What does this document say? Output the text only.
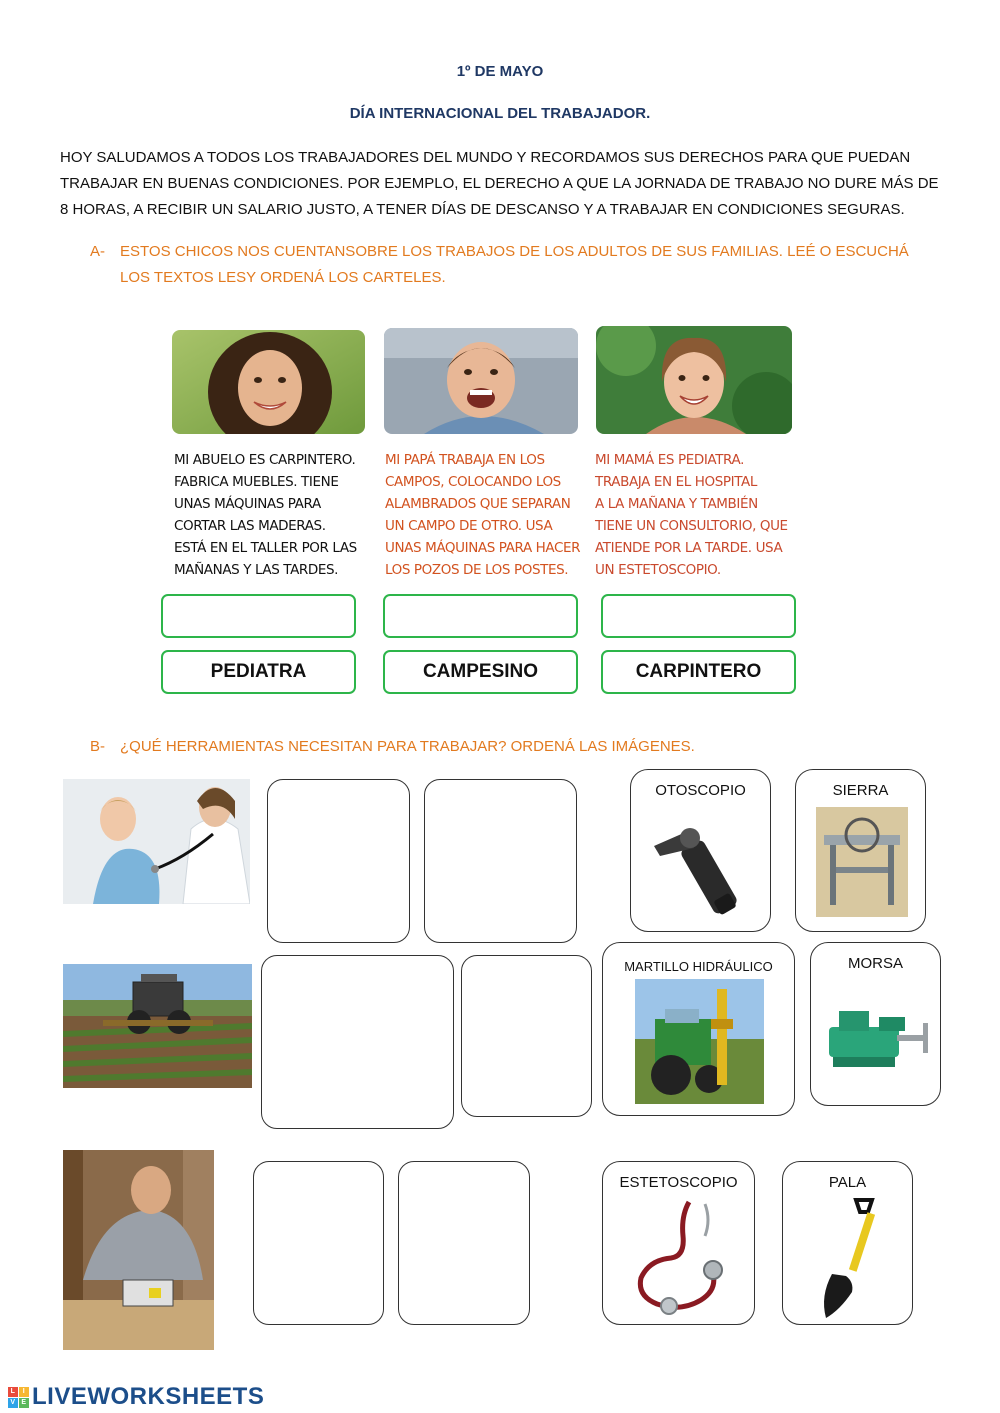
1º DE MAYO
DÍA INTERNACIONAL DEL TRABAJADOR.
HOY SALUDAMOS A TODOS LOS TRABAJADORES DEL MUNDO Y RECORDAMOS SUS DERECHOS PARA QUE PUEDAN TRABAJAR EN BUENAS CONDICIONES. POR EJEMPLO, EL DERECHO A QUE LA JORNADA DE TRABAJO NO DURE MÁS DE 8 HORAS, A RECIBIR UN SALARIO JUSTO, A TENER DÍAS DE DESCANSO Y A TRABAJAR EN CONDICIONES SEGURAS.
A- ESTOS CHICOS NOS CUENTANSOBRE LOS TRABAJOS DE LOS ADULTOS DE SUS FAMILIAS. LEÉ O ESCUCHÁ LOS TEXTOS LESY ORDENÁ LOS CARTELES.
MI ABUELO ES CARPINTERO.
FABRICA MUEBLES. TIENE
UNAS MÁQUINAS PARA
CORTAR LAS MADERAS.
ESTÁ EN EL TALLER POR LAS
MAÑANAS Y LAS TARDES.
MI PAPÁ TRABAJA EN LOS
CAMPOS, COLOCANDO LOS
ALAMBRADOS QUE SEPARAN
UN CAMPO DE OTRO. USA
UNAS MÁQUINAS PARA HACER
LOS POZOS DE LOS POSTES.
MI MAMÁ ES PEDIATRA.
TRABAJA EN EL HOSPITAL
A LA MAÑANA Y TAMBIÉN
TIENE UN CONSULTORIO, QUE
ATIENDE POR LA TARDE. USA
UN ESTETOSCOPIO.
PEDIATRA	CAMPESINO	CARPINTERO
B- ¿QUÉ HERRAMIENTAS NECESITAN PARA TRABAJAR? ORDENÁ LAS IMÁGENES.
OTOSCOPIO	SIERRA
MARTILLO HIDRÁULICO	MORSA
ESTETOSCOPIO	PALA
L	I
V E LIVEWORKSHEETS
